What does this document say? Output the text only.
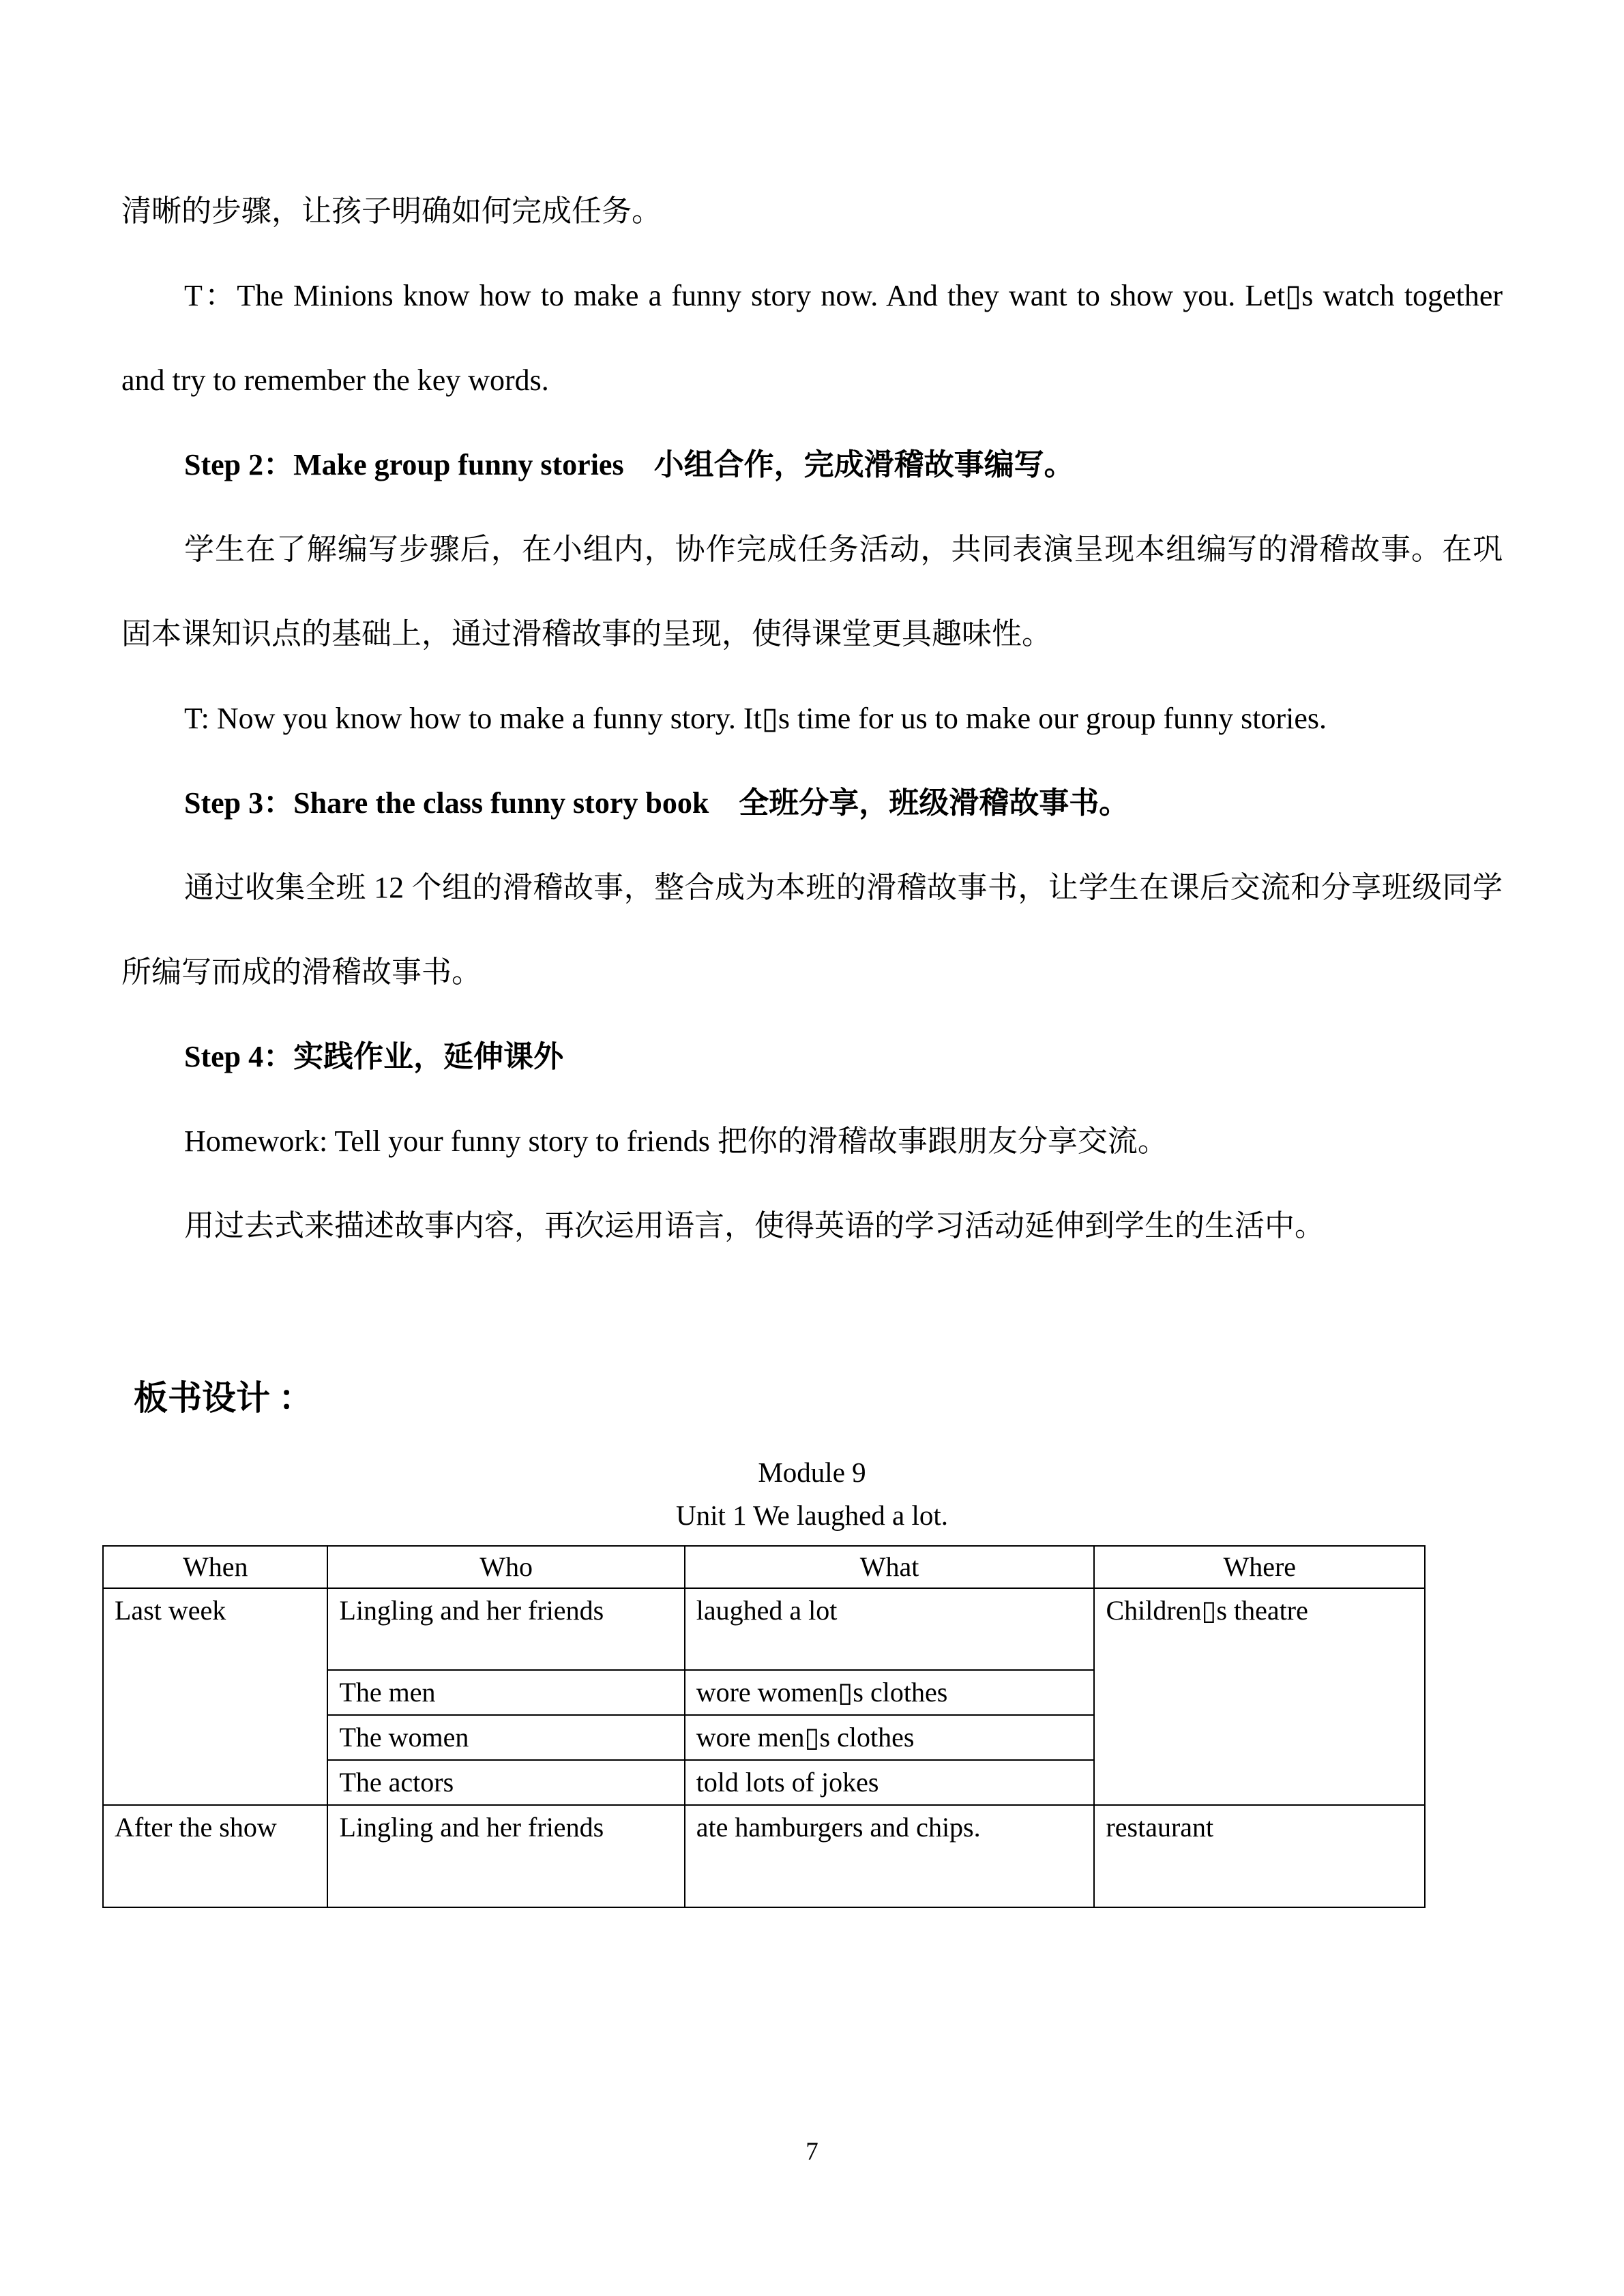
清晰的步骤，让孩子明确如何完成任务。

T：The Minions know how to make a funny story now. And they want to show you. Let▯s watch together and try to remember the key words.

Step 2：Make group funny stories　小组合作，完成滑稽故事编写。

学生在了解编写步骤后，在小组内，协作完成任务活动，共同表演呈现本组编写的滑稽故事。在巩固本课知识点的基础上，通过滑稽故事的呈现，使得课堂更具趣味性。

T: Now you know how to make a funny story. It▯s time for us to make our group funny stories.

Step 3：Share the class funny story book　全班分享，班级滑稽故事书。

通过收集全班 12 个组的滑稽故事，整合成为本班的滑稽故事书，让学生在课后交流和分享班级同学所编写而成的滑稽故事书。

Step 4：实践作业，延伸课外

Homework: Tell your funny story to friends 把你的滑稽故事跟朋友分享交流。

用过去式来描述故事内容，再次运用语言，使得英语的学习活动延伸到学生的生活中。

板书设计 ：

Module 9

Unit 1 We laughed a lot.

When	Who	What	Where
Last week	Lingling and her friends	laughed a lot	Children▯s theatre
	The men	wore women▯s clothes	
	The women	wore men▯s clothes	
	The actors	told lots of jokes	
After the show	Lingling and her friends	ate hamburgers and chips.	restaurant
7
